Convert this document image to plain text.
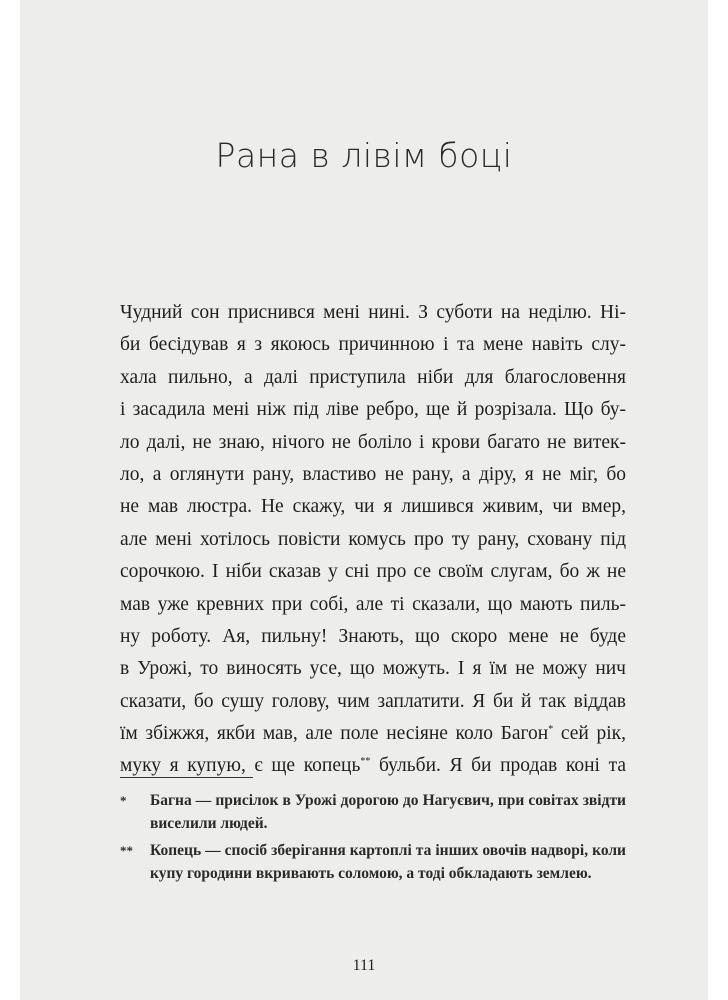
Рана в лівім боці
Чудний сон приснився мені нині. З суботи на неділю. Ні-
би бесідував я з якоюсь причинною і та мене навіть слу-
хала пильно, а далі приступила ніби для благословення
і засадила мені ніж під ліве ребро, ще й розрізала. Що бу-
ло далі, не знаю, нічого не боліло і крови багато не витек-
ло, а оглянути рану, властиво не рану, а діру, я не міг, бо
не мав люстра. Не скажу, чи я лишився живим, чи вмер,
але мені хотілось повісти комусь про ту рану, сховану під
сорочкою. І ніби сказав у сні про се своїм слугам, бо ж не
мав уже кревних при собі, але ті сказали, що мають пиль-
ну роботу. Ая, пильну! Знають, що скоро мене не буде
в Урожі, то виносять усе, що можуть. І я їм не можу нич
сказати, бо сушу голову, чим заплатити. Я би й так віддав
їм збіжжя, якби мав, але поле несіяне коло Багон* сей рік,
муку я купую, є ще копець** бульби. Я би продав коні та
* Багна — присілок в Урожі дорогою до Нагуєвич, при совітах звідти виселили людей.
** Копець — спосіб зберігання картоплі та інших овочів надворі, коли купу городини вкривають соломою, а тоді обкладають землею.
111
